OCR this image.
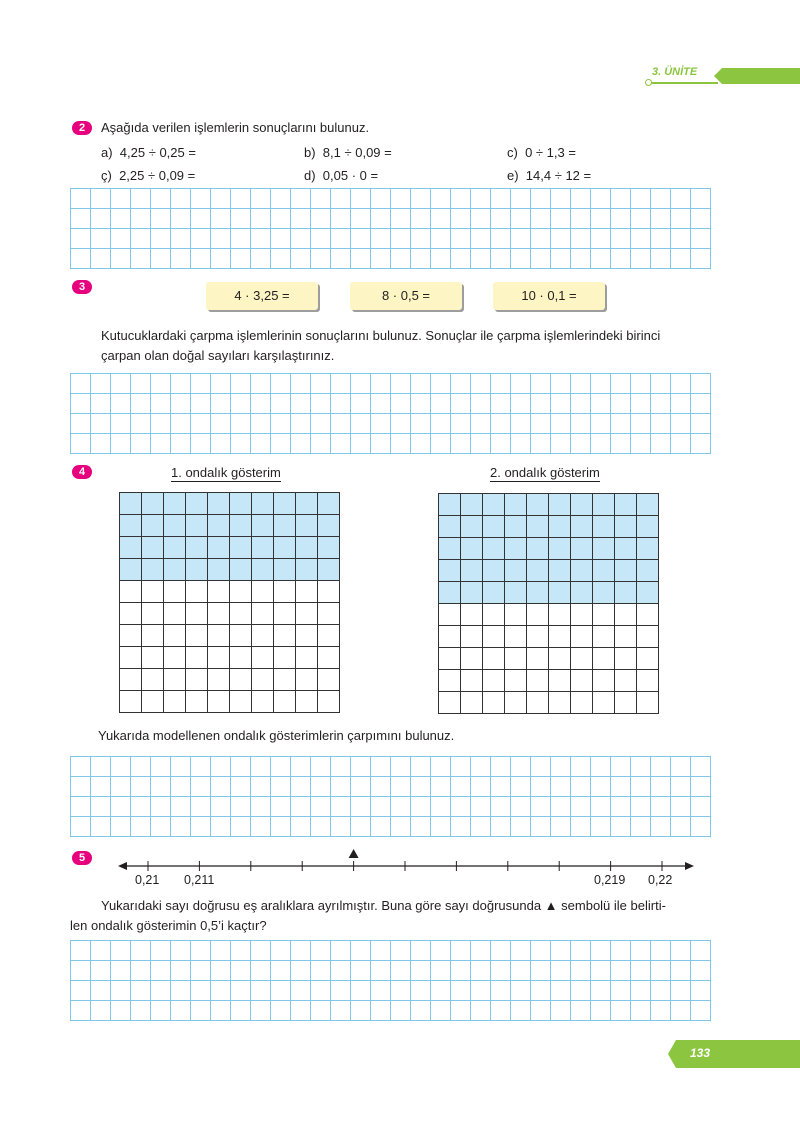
3. ÜNİTE
2	Aşağıda verilen işlemlerin sonuçlarını bulunuz.
a) 4,25 ÷ 0,25 =	b) 8,1 ÷ 0,09 =	c) 0 ÷ 1,3 =
ç) 2,25 ÷ 0,09 =	d) 0,05 · 0 =	e) 14,4 ÷ 12 =
3
4 · 3,25 =	8 · 0,5 =	10 · 0,1 =
Kutucuklardaki çarpma işlemlerinin sonuçlarını bulunuz. Sonuçlar ile çarpma işlemlerindeki birinci
çarpan olan doğal sayıları karşılaştırınız.
4	1. ondalık gösterim	2. ondalık gösterim
Yukarıda modellenen ondalık gösterimlerin çarpımını bulunuz.
5
0,21 0,211	0,219 0,22
Yukarıdaki sayı doğrusu eş aralıklara ayrılmıştır. Buna göre sayı doğrusunda ▲ sembolü ile belirti-
len ondalık gösterimin 0,5’i kaçtır?
133
